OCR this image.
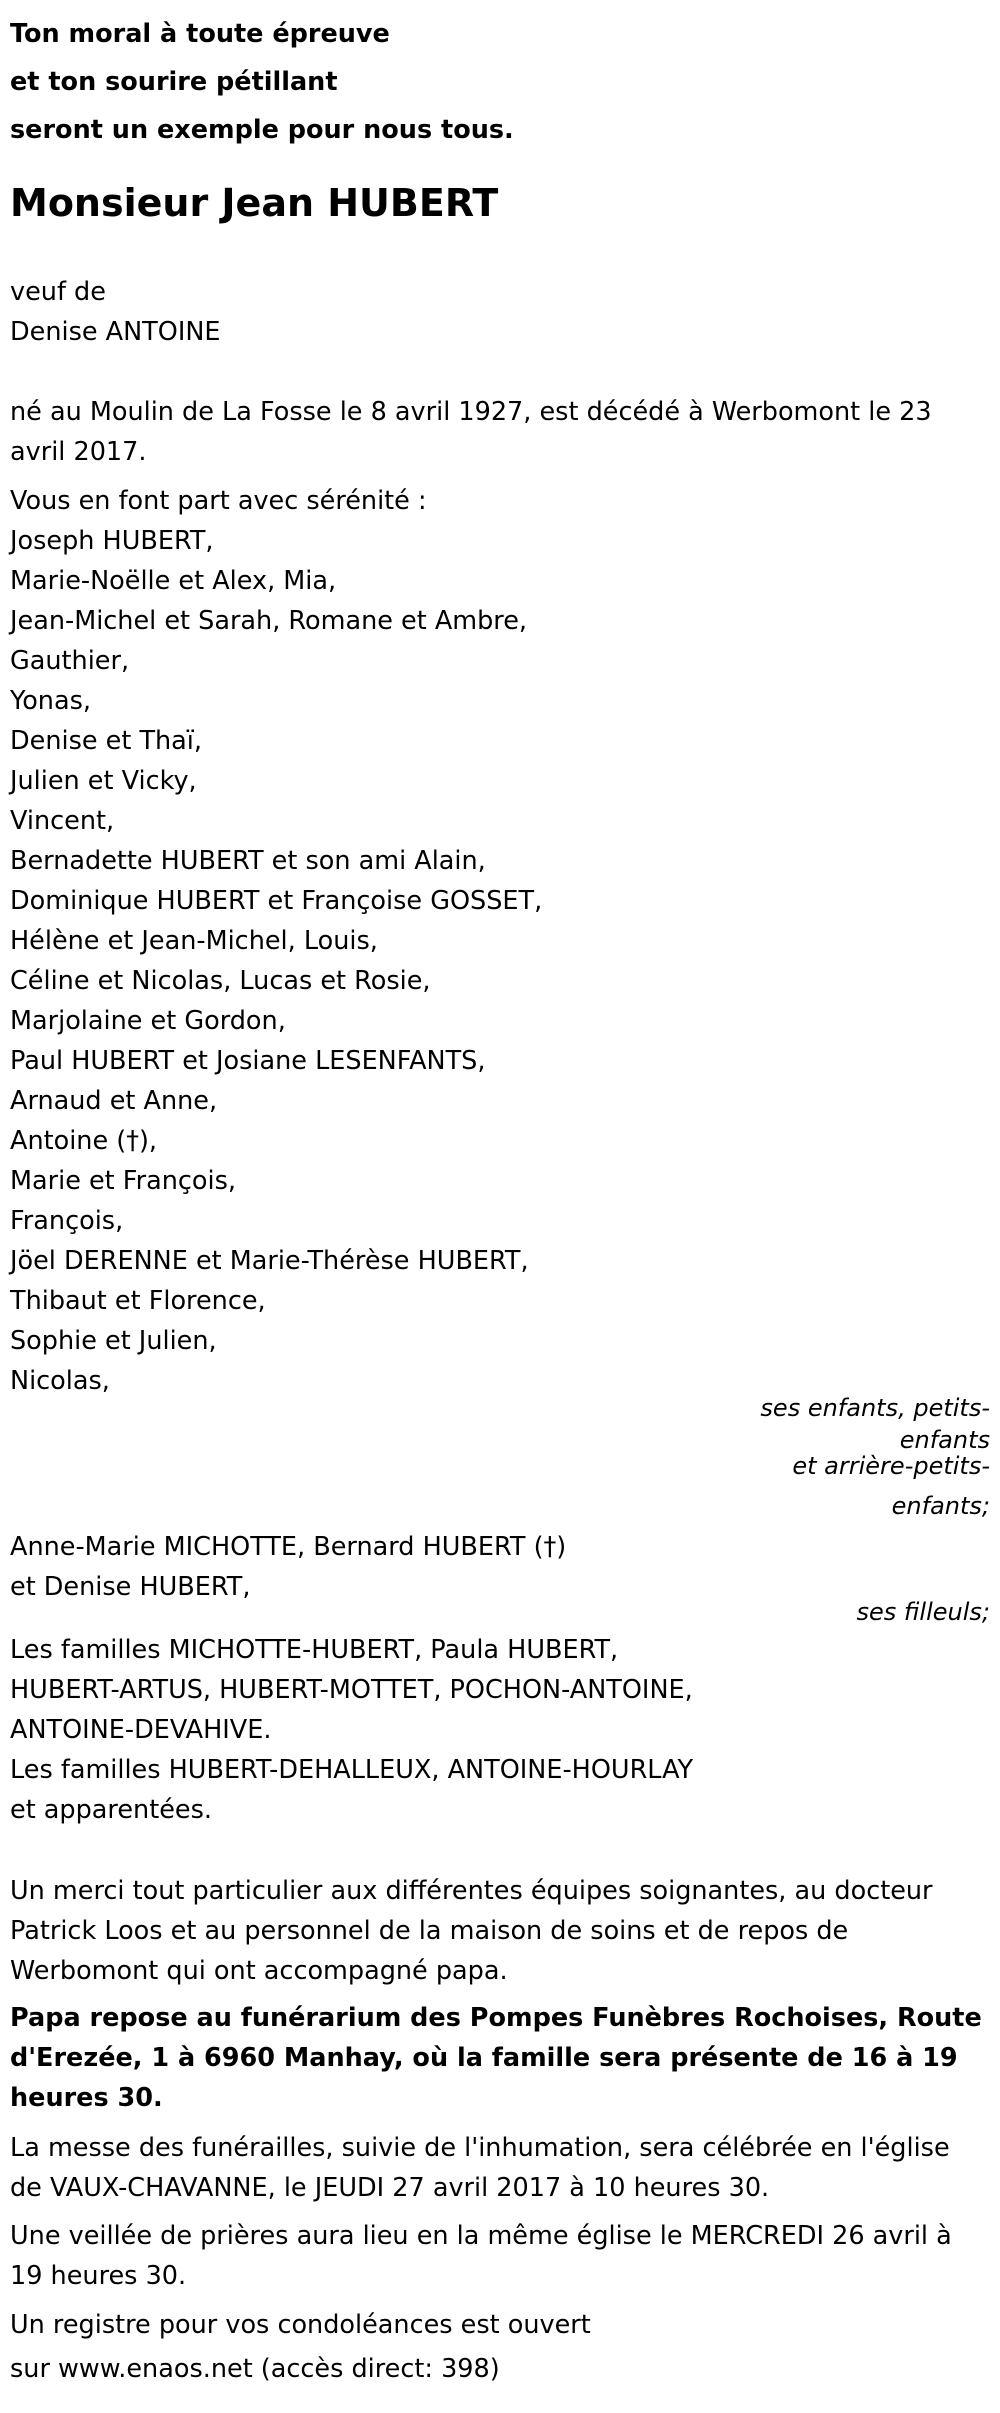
Ton moral à toute épreuve
et ton sourire pétillant
seront un exemple pour nous tous.
Monsieur Jean HUBERT
veuf de
Denise ANTOINE
né au Moulin de La Fosse le 8 avril 1927, est décédé à Werbomont le 23 avril 2017.
Vous en font part avec sérénité :
Joseph HUBERT,
Marie-Noëlle et Alex, Mia,
Jean-Michel et Sarah, Romane et Ambre,
Gauthier,
Yonas,
Denise et Thaï,
Julien et Vicky,
Vincent,
Bernadette HUBERT et son ami Alain,
Dominique HUBERT et Françoise GOSSET,
Hélène et Jean-Michel, Louis,
Céline et Nicolas, Lucas et Rosie,
Marjolaine et Gordon,
Paul HUBERT et Josiane LESENFANTS,
Arnaud et Anne,
Antoine (†),
Marie et François,
François,
Jöel DERENNE et Marie-Thérèse HUBERT,
Thibaut et Florence,
Sophie et Julien,
Nicolas,
ses enfants, petits-
enfants
et arrière-petits-
enfants;
Anne-Marie MICHOTTE, Bernard HUBERT (†)
et Denise HUBERT,
ses filleuls;
Les familles MICHOTTE-HUBERT, Paula HUBERT,
HUBERT-ARTUS, HUBERT-MOTTET, POCHON-ANTOINE,
ANTOINE-DEVAHIVE.
Les familles HUBERT-DEHALLEUX, ANTOINE-HOURLAY
et apparentées.
Un merci tout particulier aux différentes équipes soignantes, au docteur Patrick Loos et au personnel de la maison de soins et de repos de Werbomont qui ont accompagné papa.
Papa repose au funérarium des Pompes Funèbres Rochoises, Route d'Erezée, 1 à 6960 Manhay, où la famille sera présente de 16 à 19 heures 30.
La messe des funérailles, suivie de l'inhumation, sera célébrée en l'église de VAUX-CHAVANNE, le JEUDI 27 avril 2017 à 10 heures 30.
Une veillée de prières aura lieu en la même église le MERCREDI 26 avril à 19 heures 30.
Un registre pour vos condoléances est ouvert
sur www.enaos.net (accès direct: 398)
